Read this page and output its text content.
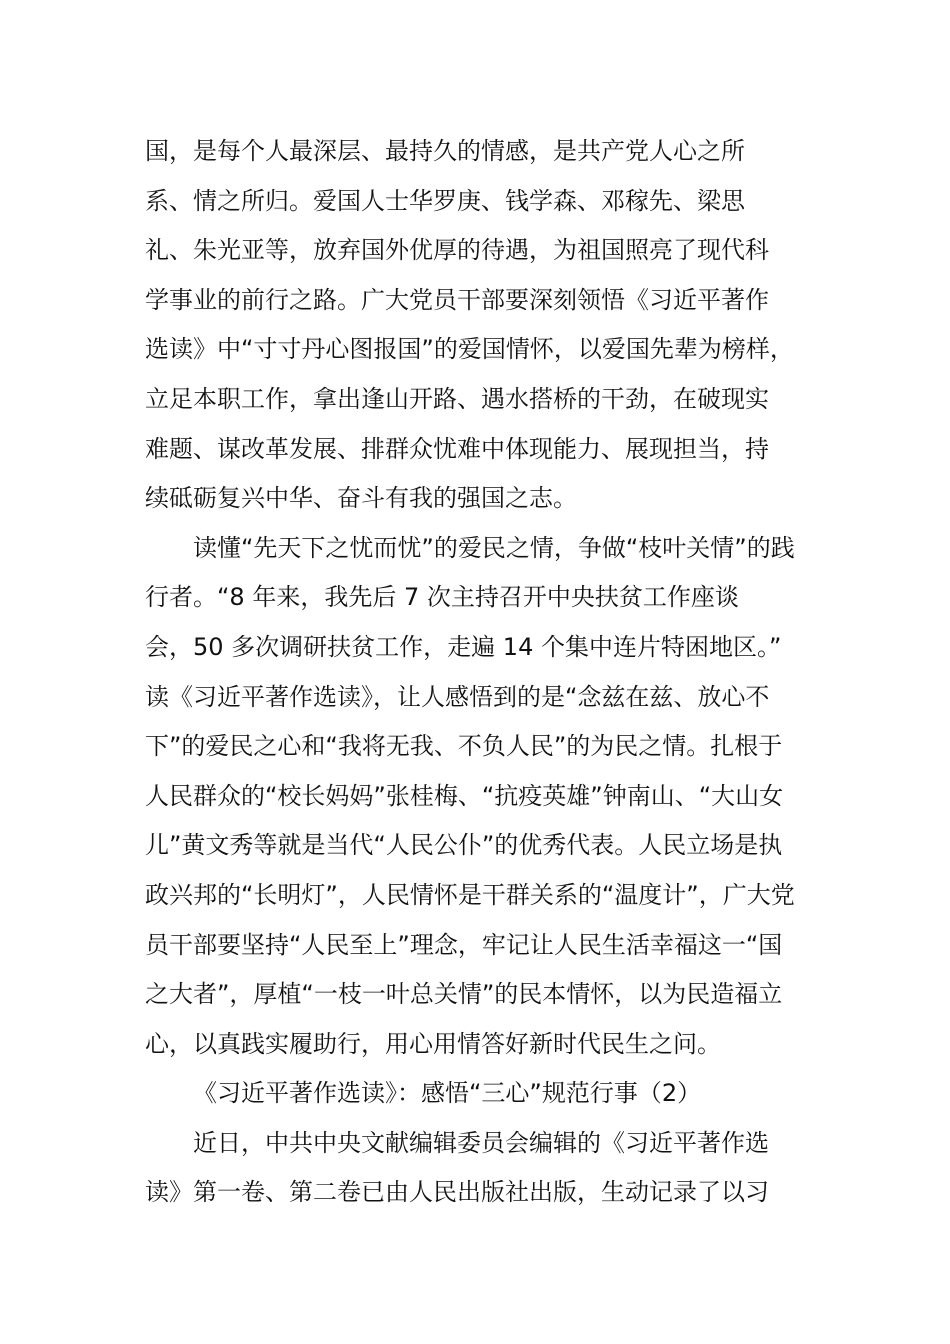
国，是每个人最深层、最持久的情感，是共产党人心之所
系、情之所归。爱国人士华罗庚、钱学森、邓稼先、梁思
礼、朱光亚等，放弃国外优厚的待遇，为祖国照亮了现代科
学事业的前行之路。广大党员干部要深刻领悟《习近平著作
选读》中“寸寸丹心图报国”的爱国情怀，以爱国先辈为榜样，
立足本职工作，拿出逢山开路、遇水搭桥的干劲，在破现实
难题、谋改革发展、排群众忧难中体现能力、展现担当，持
续砥砺复兴中华、奋斗有我的强国之志。
读懂“先天下之忧而忧”的爱民之情，争做“枝叶关情”的践
行者。“8 年来，我先后 7 次主持召开中央扶贫工作座谈
会，50 多次调研扶贫工作，走遍 14 个集中连片特困地区。”
读《习近平著作选读》，让人感悟到的是“念兹在兹、放心不
下”的爱民之心和“我将无我、不负人民”的为民之情。扎根于
人民群众的“校长妈妈”张桂梅、“抗疫英雄”钟南山、“大山女
儿”黄文秀等就是当代“人民公仆”的优秀代表。人民立场是执
政兴邦的“长明灯”，人民情怀是干群关系的“温度计”，广大党
员干部要坚持“人民至上”理念，牢记让人民生活幸福这一“国
之大者”，厚植“一枝一叶总关情”的民本情怀，以为民造福立
心，以真践实履助行，用心用情答好新时代民生之问。
《习近平著作选读》：感悟“三心”规范行事（2）
近日，中共中央文献编辑委员会编辑的《习近平著作选
读》第一卷、第二卷已由人民出版社出版，生动记录了以习
